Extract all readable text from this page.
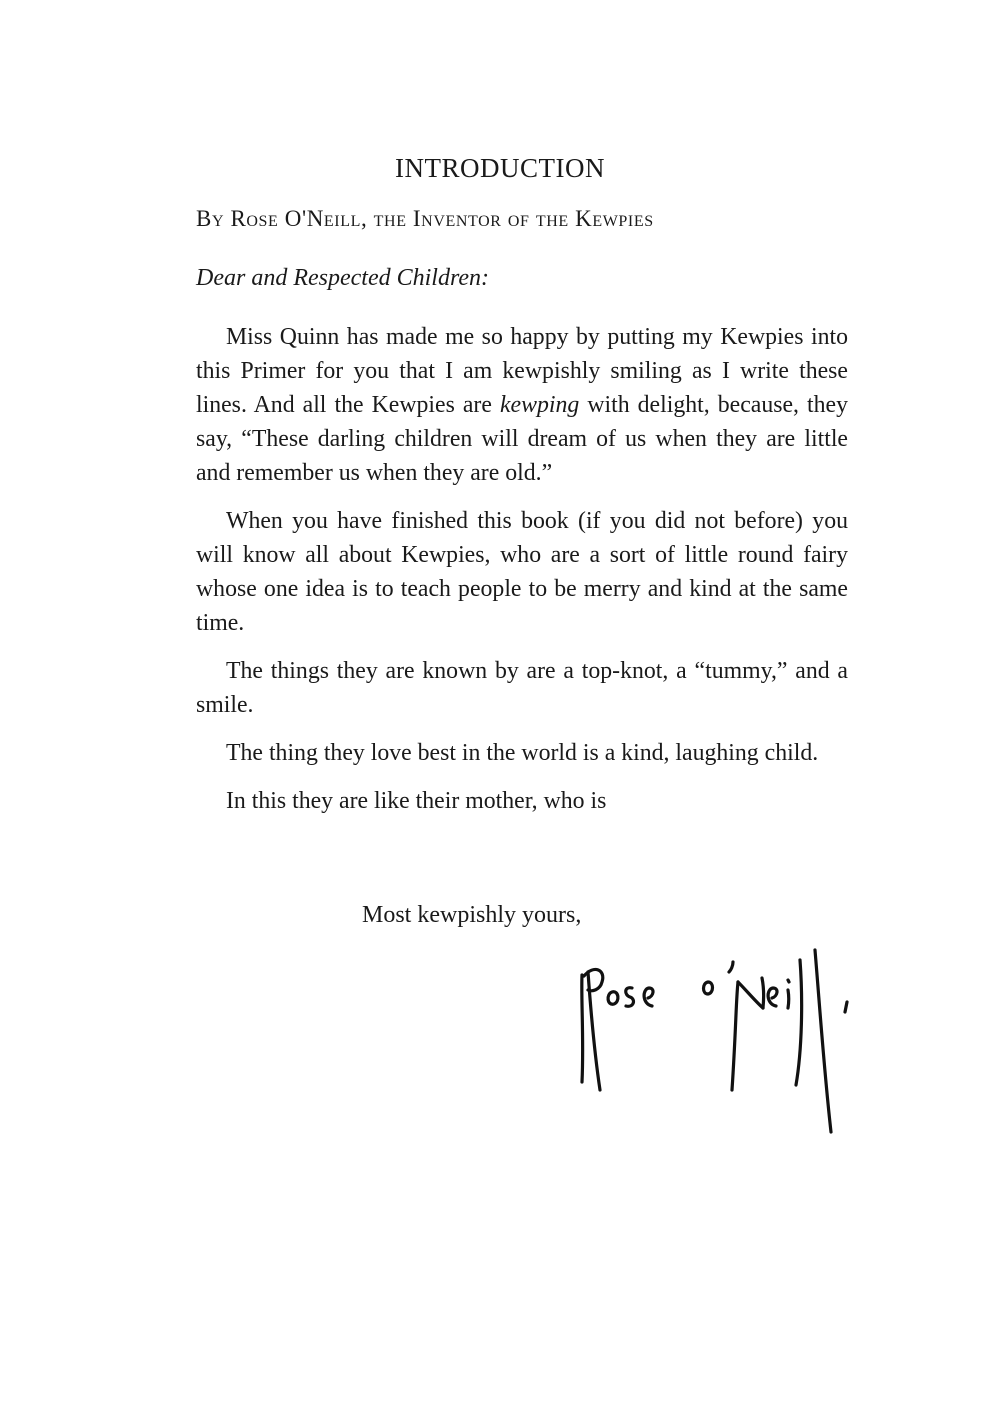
INTRODUCTION

By Rose O'Neill, the Inventor of the Kewpies

Dear and Respected Children:

Miss Quinn has made me so happy by putting my Kewpies into this Primer for you that I am kewpishly smiling as I write these lines. And all the Kewpies are kewping with delight, because, they say, “These darling children will dream of us when they are little and remember us when they are old.”

When you have finished this book (if you did not before) you will know all about Kewpies, who are a sort of little round fairy whose one idea is to teach people to be merry and kind at the same time.

The things they are known by are a top-knot, a “tummy,” and a smile.

The thing they love best in the world is a kind, laughing child.

In this they are like their mother, who is

Most kewpishly yours,
